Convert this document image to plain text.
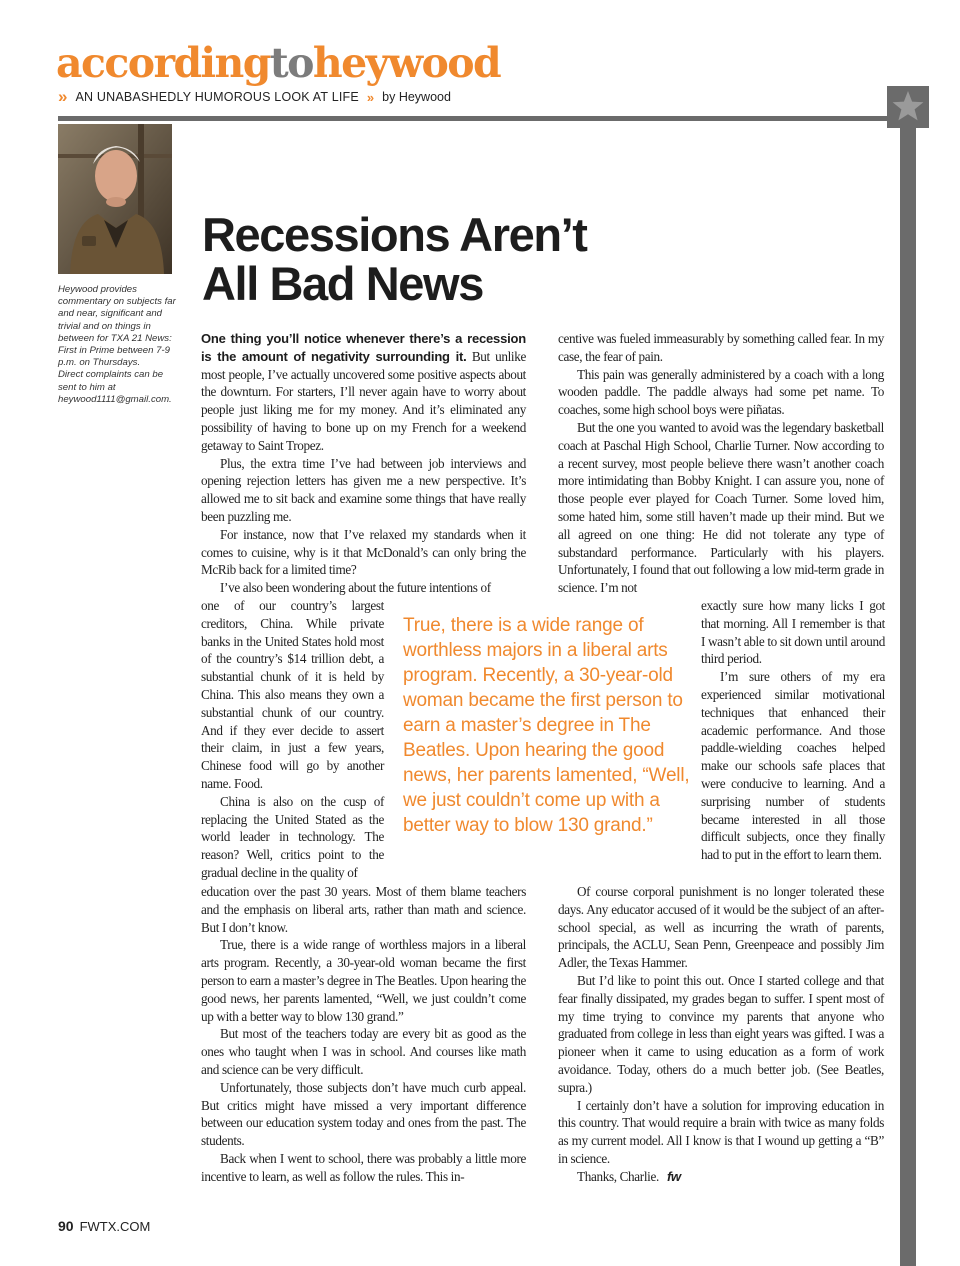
accordingtoheywood
» AN UNABASHEDLY HUMOROUS LOOK AT LIFE » by Heywood

Heywood provides commentary on subjects far and near, significant and trivial and on things in between for TXA 21 News: First in Prime between 7-9 p.m. on Thursdays.

Direct complaints can be sent to him at heywood1111@gmail.com.

Recessions Aren’t
All Bad News

One thing you’ll notice whenever there’s a recession is the amount of negativity surrounding it. But unlike most people, I’ve actually uncovered some positive aspects about the downturn. For starters, I’ll never again have to worry about people just liking me for my money. And it’s eliminated any possibility of having to bone up on my French for a weekend getaway to Saint Tropez.

Plus, the extra time I’ve had between job interviews and opening rejection letters has given me a new perspective. It’s allowed me to sit back and examine some things that have really been puzzling me.

For instance, now that I’ve relaxed my standards when it comes to cuisine, why is it that McDonald’s can only bring the McRib back for a limited time?

I’ve also been wondering about the future intentions of

one of our country’s largest creditors, China. While private banks in the United States hold most of the country’s $14 trillion debt, a substantial chunk of it is held by China. This also means they own a substantial chunk of our country. And if they ever decide to assert their claim, in just a few years, Chinese food will go by another name. Food.

China is also on the cusp of replacing the United Stated as the world leader in technology. The reason? Well, critics point to the gradual decline in the quality of

education over the past 30 years. Most of them blame teachers and the emphasis on liberal arts, rather than math and science. But I don’t know.

True, there is a wide range of worthless majors in a liberal arts program. Recently, a 30-year-old woman became the first person to earn a master’s degree in The Beatles. Upon hearing the good news, her parents lamented, “Well, we just couldn’t come up with a better way to blow 130 grand.”

But most of the teachers today are every bit as good as the ones who taught when I was in school. And courses like math and science can be very difficult.

Unfortunately, those subjects don’t have much curb appeal. But critics might have missed a very important difference between our education system today and ones from the past. The students.

Back when I went to school, there was probably a little more incentive to learn, as well as follow the rules. This in-

True, there is a wide range of worthless majors in a liberal arts program. Recently, a 30-year-old woman became the first person to earn a master’s degree in The Beatles. Upon hearing the good news, her parents lamented, “Well, we just couldn’t come up with a better way to blow 130 grand.”

centive was fueled immeasurably by something called fear. In my case, the fear of pain.

This pain was generally administered by a coach with a long wooden paddle. The paddle always had some pet name. To coaches, some high school boys were piñatas.

But the one you wanted to avoid was the legendary basketball coach at Paschal High School, Charlie Turner. Now according to a recent survey, most people believe there wasn’t another coach more intimidating than Bobby Knight. I can assure you, none of those people ever played for Coach Turner. Some loved him, some hated him, some still haven’t made up their mind. But we all agreed on one thing: He did not tolerate any type of substandard performance. Particularly with his players. Unfortunately, I found that out following a low mid-term grade in science. I’m not

exactly sure how many licks I got that morning. All I remember is that I wasn’t able to sit down until around third period.

I’m sure others of my era experienced similar motivational techniques that enhanced their academic performance. And those paddle-wielding coaches helped make our schools safe places that were conducive to learning. And a surprising number of students became interested in all those difficult subjects, once they finally had to put in the effort to learn them.

Of course corporal punishment is no longer tolerated these days. Any educator accused of it would be the subject of an after-school special, as well as incurring the wrath of parents, principals, the ACLU, Sean Penn, Greenpeace and possibly Jim Adler, the Texas Hammer.

But I’d like to point this out. Once I started college and that fear finally dissipated, my grades began to suffer. I spent most of my time trying to convince my parents that anyone who graduated from college in less than eight years was gifted. I was a pioneer when it came to using education as a form of work avoidance. Today, others do a much better job. (See Beatles, supra.)

I certainly don’t have a solution for improving education in this country. That would require a brain with twice as many folds as my current model. All I know is that I wound up getting a “B” in science.

Thanks, Charlie. fw

90 FWTX.COM
